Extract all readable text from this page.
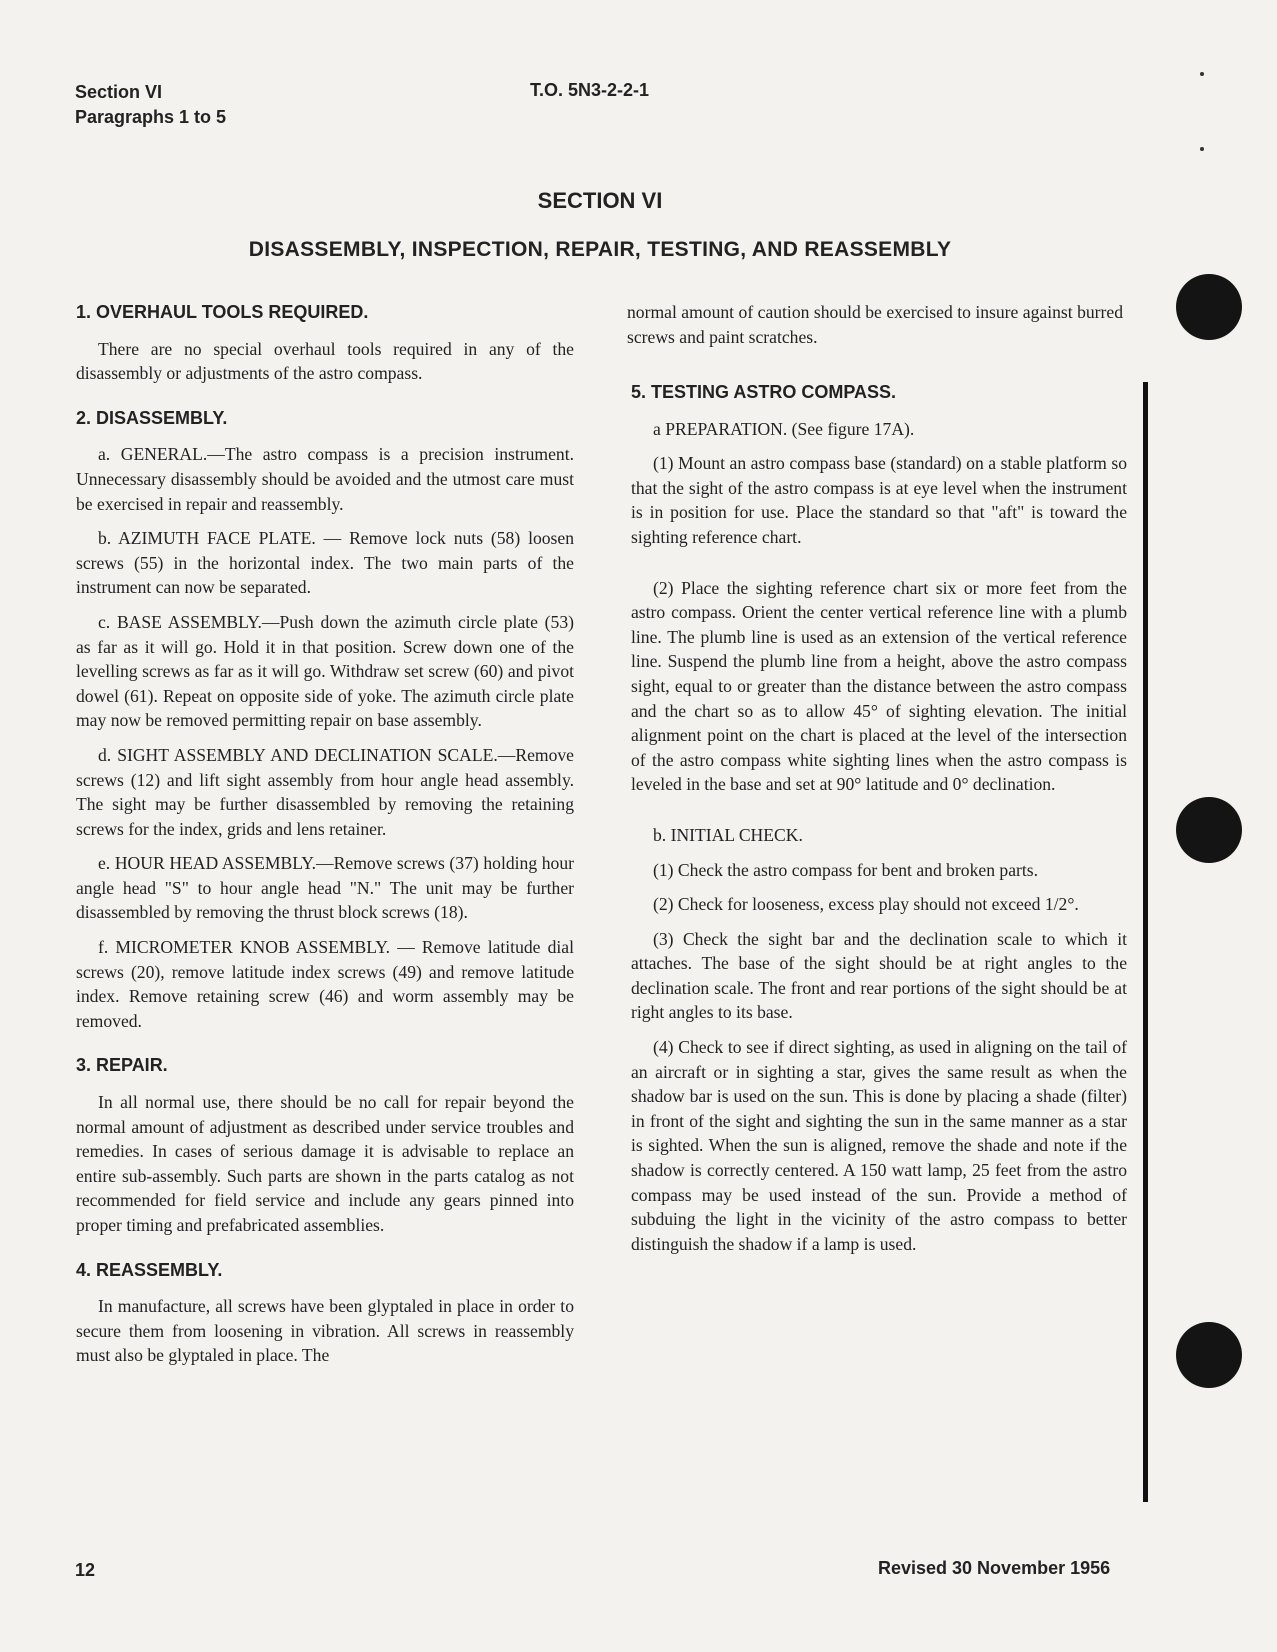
Section VI
Paragraphs 1 to 5
T.O. 5N3-2-2-1
SECTION VI
DISASSEMBLY, INSPECTION, REPAIR, TESTING, AND REASSEMBLY
1. OVERHAUL TOOLS REQUIRED.

There are no special overhaul tools required in any of the disassembly or adjustments of the astro compass.

2. DISASSEMBLY.

a. GENERAL.—The astro compass is a precision instrument. Unnecessary disassembly should be avoided and the utmost care must be exercised in repair and reassembly.

b. AZIMUTH FACE PLATE. — Remove lock nuts (58) loosen screws (55) in the horizontal index. The two main parts of the instrument can now be separated.

c. BASE ASSEMBLY.—Push down the azimuth circle plate (53) as far as it will go. Hold it in that position. Screw down one of the levelling screws as far as it will go. Withdraw set screw (60) and pivot dowel (61). Repeat on opposite side of yoke. The azimuth circle plate may now be removed permitting repair on base assembly.

d. SIGHT ASSEMBLY AND DECLINATION SCALE.—Remove screws (12) and lift sight assembly from hour angle head assembly. The sight may be further disassembled by removing the retaining screws for the index, grids and lens retainer.

e. HOUR HEAD ASSEMBLY.—Remove screws (37) holding hour angle head "S" to hour angle head "N." The unit may be further disassembled by removing the thrust block screws (18).

f. MICROMETER KNOB ASSEMBLY. — Remove latitude dial screws (20), remove latitude index screws (49) and remove latitude index. Remove retaining screw (46) and worm assembly may be removed.

3. REPAIR.

In all normal use, there should be no call for repair beyond the normal amount of adjustment as described under service troubles and remedies. In cases of serious damage it is advisable to replace an entire sub-assembly. Such parts are shown in the parts catalog as not recommended for field service and include any gears pinned into proper timing and prefabricated assemblies.

4. REASSEMBLY.

In manufacture, all screws have been glyptaled in place in order to secure them from loosening in vibration. All screws in reassembly must also be glyptaled in place. The

normal amount of caution should be exercised to insure against burred screws and paint scratches.

5. TESTING ASTRO COMPASS.

a PREPARATION. (See figure 17A).

(1) Mount an astro compass base (standard) on a stable platform so that the sight of the astro compass is at eye level when the instrument is in position for use. Place the standard so that "aft" is toward the sighting reference chart.

(2) Place the sighting reference chart six or more feet from the astro compass. Orient the center vertical reference line with a plumb line. The plumb line is used as an extension of the vertical reference line. Suspend the plumb line from a height, above the astro compass sight, equal to or greater than the distance between the astro compass and the chart so as to allow 45° of sighting elevation. The initial alignment point on the chart is placed at the level of the intersection of the astro compass white sighting lines when the astro compass is leveled in the base and set at 90° latitude and 0° declination.

b. INITIAL CHECK.

(1) Check the astro compass for bent and broken parts.

(2) Check for looseness, excess play should not exceed 1/2°.

(3) Check the sight bar and the declination scale to which it attaches. The base of the sight should be at right angles to the declination scale. The front and rear portions of the sight should be at right angles to its base.

(4) Check to see if direct sighting, as used in aligning on the tail of an aircraft or in sighting a star, gives the same result as when the shadow bar is used on the sun. This is done by placing a shade (filter) in front of the sight and sighting the sun in the same manner as a star is sighted. When the sun is aligned, remove the shade and note if the shadow is correctly centered. A 150 watt lamp, 25 feet from the astro compass may be used instead of the sun. Provide a method of subduing the light in the vicinity of the astro compass to better distinguish the shadow if a lamp is used.

12	Revised 30 November 1956
